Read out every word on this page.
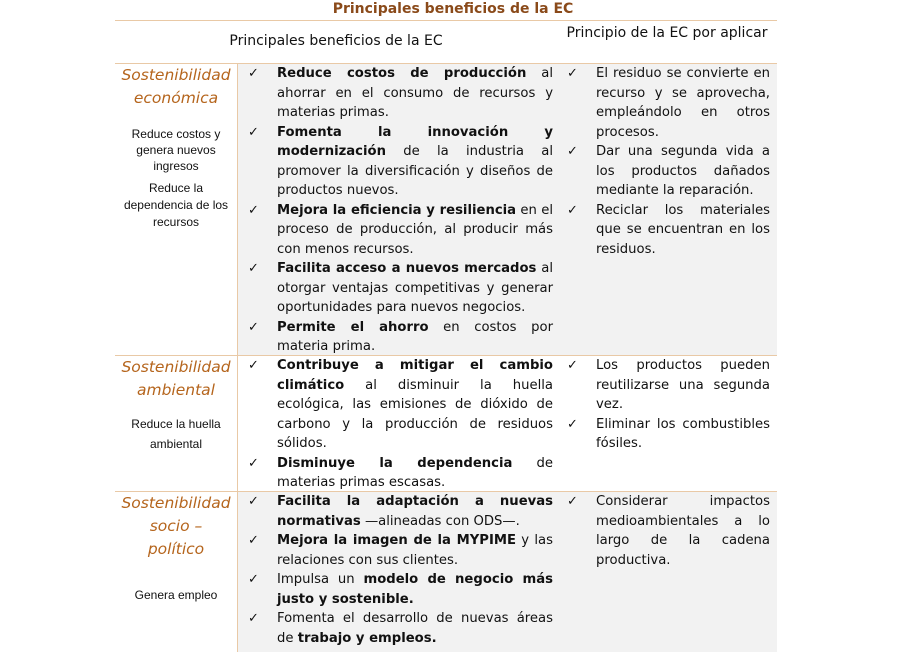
Principales beneficios de la EC
Principales beneficios de la EC	Principio de la EC por aplicar
Sostenibilidad económica
Reduce costos y genera nuevos ingresos
Reduce la dependencia de los recursos
✓ Reduce costos de producción al ahorrar en el consumo de recursos y materias primas.
✓ Fomenta la innovación y modernización de la industria al promover la diversificación y diseños de productos nuevos.
✓ Mejora la eficiencia y resiliencia en el proceso de producción, al producir más con menos recursos.
✓ Facilita acceso a nuevos mercados al otorgar ventajas competitivas y generar oportunidades para nuevos negocios.
✓ Permite el ahorro en costos por materia prima.
✓ El residuo se convierte en recurso y se aprovecha, empleándolo en otros procesos.
✓ Dar una segunda vida a los productos dañados mediante la reparación.
✓ Reciclar los materiales que se encuentran en los residuos.
Sostenibilidad ambiental
Reduce la huella ambiental
✓ Contribuye a mitigar el cambio climático al disminuir la huella ecológica, las emisiones de dióxido de carbono y la producción de residuos sólidos.
✓ Disminuye la dependencia de materias primas escasas.
✓ Los productos pueden reutilizarse una segunda vez.
✓ Eliminar los combustibles fósiles.
Sostenibilidad socio – político
Genera empleo
✓ Facilita la adaptación a nuevas normativas —alineadas con ODS—.
✓ Mejora la imagen de la MYPIME y las relaciones con sus clientes.
✓ Impulsa un modelo de negocio más justo y sostenible.
✓ Fomenta el desarrollo de nuevas áreas de trabajo y empleos.
✓ Considerar impactos medioambientales a lo largo de la cadena productiva.
